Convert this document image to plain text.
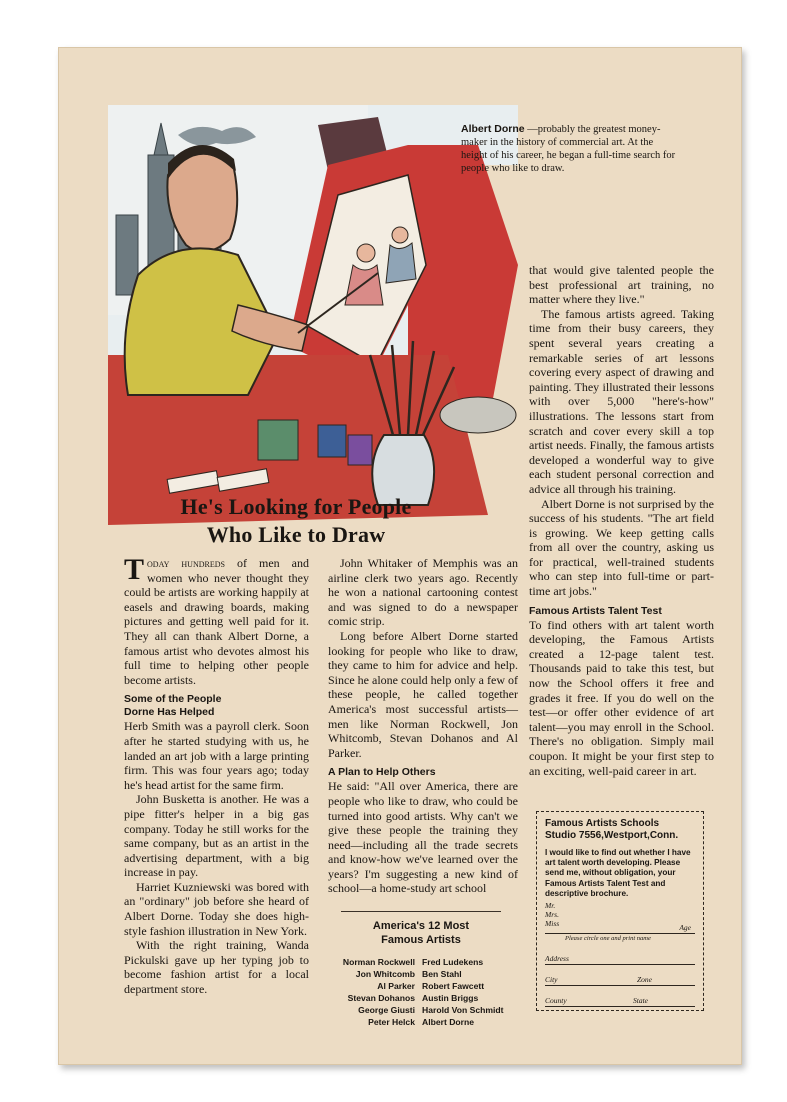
Albert Dorne —probably the greatest money-maker in the history of commercial art. At the height of his career, he began a full-time search for people who like to draw.
He's Looking for People
Who Like to Draw

Today hundreds of men and women who never thought they could be artists are working happily at easels and drawing boards, making pictures and getting well paid for it. They all can thank Albert Dorne, a famous artist who devotes almost his full time to helping other people become artists.

Some of the People
Dorne Has Helped

Herb Smith was a payroll clerk. Soon after he started studying with us, he landed an art job with a large printing firm. This was four years ago; today he's head artist for the same firm.

John Busketta is another. He was a pipe fitter's helper in a big gas company. Today he still works for the same company, but as an artist in the advertising department, with a big increase in pay.

Harriet Kuzniewski was bored with an "ordinary" job before she heard of Albert Dorne. Today she does high-style fashion illustration in New York.

With the right training, Wanda Pickulski gave up her typing job to become fashion artist for a local department store.

John Whitaker of Memphis was an airline clerk two years ago. Recently he won a national cartooning contest and was signed to do a newspaper comic strip.

Long before Albert Dorne started looking for people who like to draw, they came to him for advice and help. Since he alone could help only a few of these people, he called together America's most successful artists—men like Norman Rockwell, Jon Whitcomb, Stevan Dohanos and Al Parker.

A Plan to Help Others

He said: "All over America, there are people who like to draw, who could be turned into good artists. Why can't we give these people the training they need—including all the trade secrets and know-how we've learned over the years? I'm suggesting a new kind of school—a home-study art school

America's 12 Most
Famous Artists
Norman Rockwell
Jon Whitcomb
Al Parker
Stevan Dohanos
George Giusti
Peter Helck
Fred Ludekens
Ben Stahl
Robert Fawcett
Austin Briggs
Harold Von Schmidt
Albert Dorne

that would give talented people the best professional art training, no matter where they live."

The famous artists agreed. Taking time from their busy careers, they spent several years creating a remarkable series of art lessons covering every aspect of drawing and painting. They illustrated their lessons with over 5,000 "here's-how" illustrations. The lessons start from scratch and cover every skill a top artist needs. Finally, the famous artists developed a wonderful way to give each student personal correction and advice all through his training.

Albert Dorne is not surprised by the success of his students. "The art field is growing. We keep getting calls from all over the country, asking us for practical, well-trained students who can step into full-time or part-time art jobs."

Famous Artists Talent Test

To find others with art talent worth developing, the Famous Artists created a 12-page talent test. Thousands paid to take this test, but now the School offers it free and grades it free. If you do well on the test—or offer other evidence of art talent—you may enroll in the School. There's no obligation. Simply mail coupon. It might be your first step to an exciting, well-paid career in art.

Famous Artists Schools
Studio 7556,Westport,Conn.
I would like to find out whether I have art talent worth developing. Please send me, without obligation, your Famous Artists Talent Test and descriptive brochure.
Mr.
Mrs.
Miss
Please circle one and print name
Age
Address
City	Zone
County	State
